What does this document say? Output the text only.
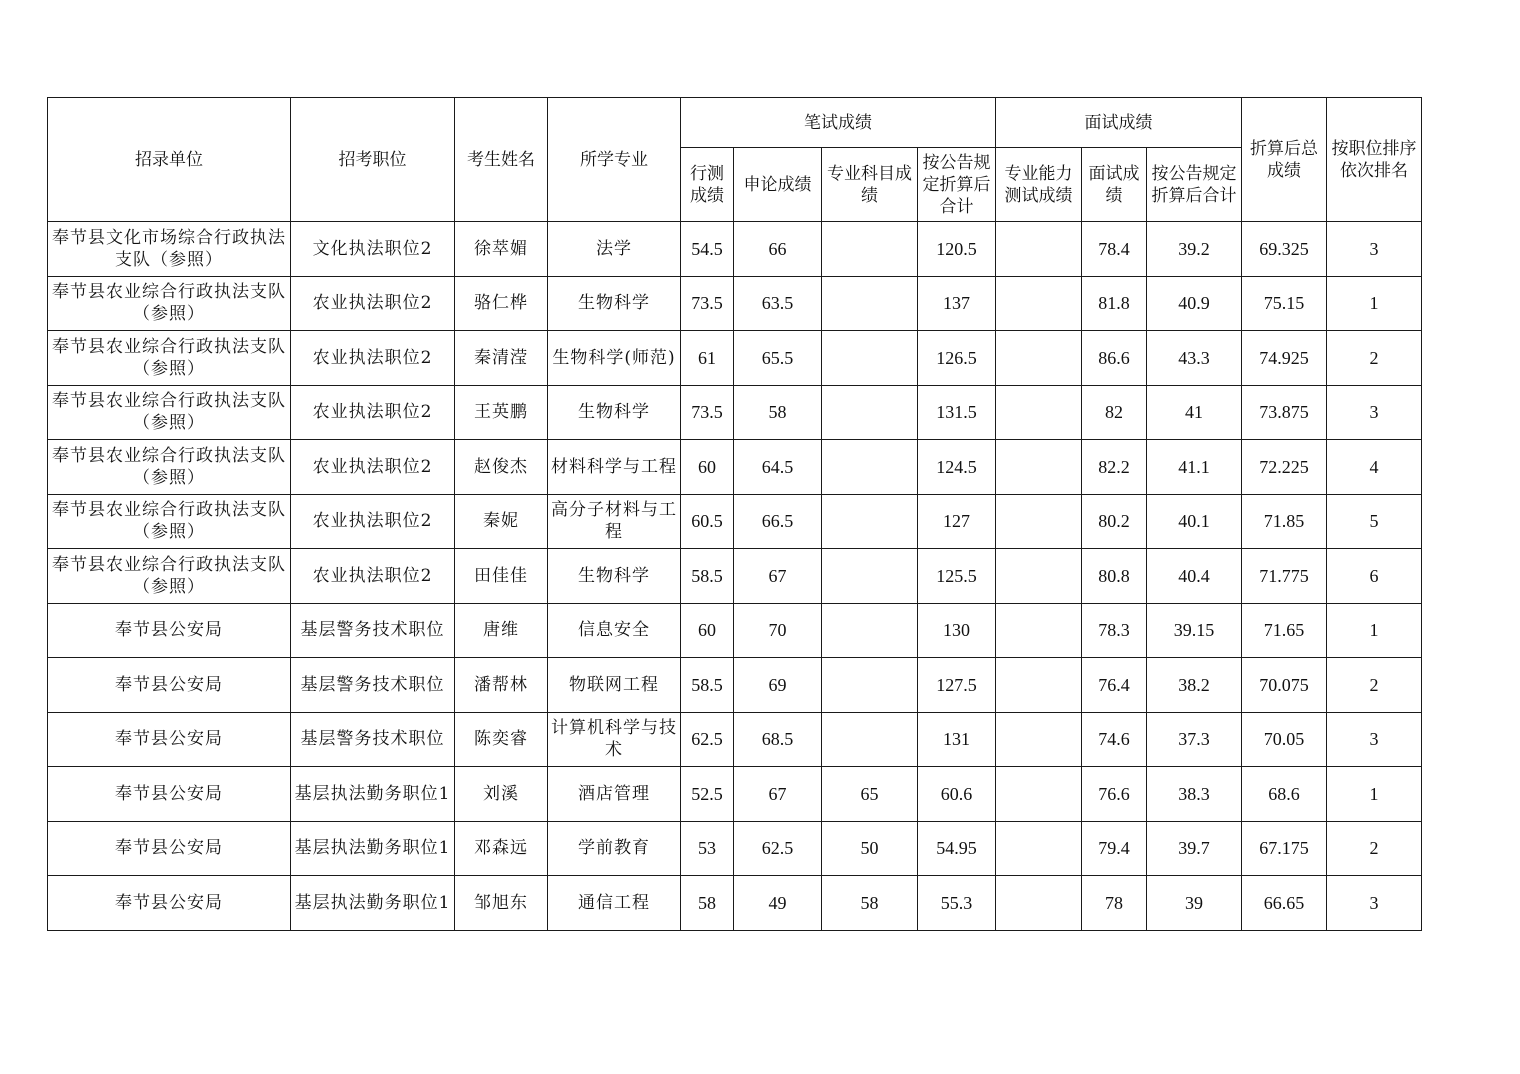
招录单位	招考职位	考生姓名	所学专业	笔试成绩				面试成绩			折算后总成绩	按职位排序依次排名
				行测成绩	申论成绩	专业科目成绩	按公告规定折算后合计	专业能力测试成绩	面试成绩	按公告规定折算后合计		
奉节县文化市场综合行政执法支队（参照）	文化执法职位2	徐萃媚	法学	54.5	66		120.5		78.4	39.2	69.325	3
奉节县农业综合行政执法支队（参照）	农业执法职位2	骆仁桦	生物科学	73.5	63.5		137		81.8	40.9	75.15	1
奉节县农业综合行政执法支队（参照）	农业执法职位2	秦清滢	生物科学(师范)	61	65.5		126.5		86.6	43.3	74.925	2
奉节县农业综合行政执法支队（参照）	农业执法职位2	王英鹏	生物科学	73.5	58		131.5		82	41	73.875	3
奉节县农业综合行政执法支队（参照）	农业执法职位2	赵俊杰	材料科学与工程	60	64.5		124.5		82.2	41.1	72.225	4
奉节县农业综合行政执法支队（参照）	农业执法职位2	秦妮	高分子材料与工程	60.5	66.5		127		80.2	40.1	71.85	5
奉节县农业综合行政执法支队（参照）	农业执法职位2	田佳佳	生物科学	58.5	67		125.5		80.8	40.4	71.775	6
奉节县公安局	基层警务技术职位	唐维	信息安全	60	70		130		78.3	39.15	71.65	1
奉节县公安局	基层警务技术职位	潘帮林	物联网工程	58.5	69		127.5		76.4	38.2	70.075	2
奉节县公安局	基层警务技术职位	陈奕睿	计算机科学与技术	62.5	68.5		131		74.6	37.3	70.05	3
奉节县公安局	基层执法勤务职位1	刘溪	酒店管理	52.5	67	65	60.6		76.6	38.3	68.6	1
奉节县公安局	基层执法勤务职位1	邓森远	学前教育	53	62.5	50	54.95		79.4	39.7	67.175	2
奉节县公安局	基层执法勤务职位1	邹旭东	通信工程	58	49	58	55.3		78	39	66.65	3
